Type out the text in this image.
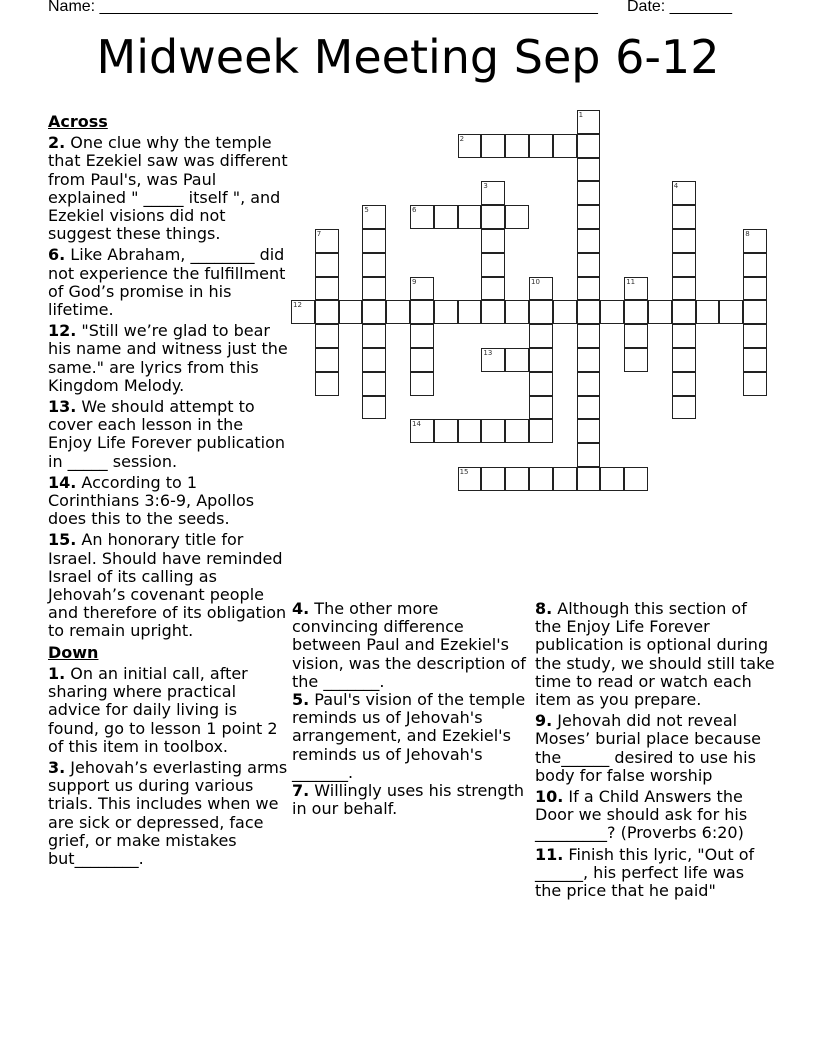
Name: ________________________________________________________ Date: _______
Midweek Meeting Sep 6-12
Across
2. One clue why the temple that Ezekiel saw was different from Paul's, was Paul explained " _____ itself ", and Ezekiel visions did not suggest these things.
6. Like Abraham, ________ did not experience the fulfillment of God’s promise in his lifetime.
12. "Still we’re glad to bear his name and witness just the same." are lyrics from this Kingdom Melody.
13. We should attempt to cover each lesson in the Enjoy Life Forever publication in _____ session.
14. According to 1 Corinthians 3:6-9, Apollos does this to the seeds.
15. An honorary title for Israel. Should have reminded Israel of its calling as Jehovah’s covenant people and therefore of its obligation to remain upright.
Down
1. On an initial call, after sharing where practical advice for daily living is found, go to lesson 1 point 2 of this item in toolbox.
3. Jehovah’s everlasting arms support us during various trials. This includes when we are sick or depressed, face grief, or make mistakes but________.
4. The other more convincing difference between Paul and Ezekiel's vision, was the description of the _______.
5. Paul's vision of the temple reminds us of Jehovah's arrangement, and Ezekiel's reminds us of Jehovah's _______.
7. Willingly uses his strength in our behalf.
8. Although this section of the Enjoy Life Forever publication is optional during the study, we should still take time to read or watch each item as you prepare.
9. Jehovah did not reveal Moses’ burial place because the______ desired to use his body for false worship
10. If a Child Answers the Door we should ask for his _________? (Proverbs 6:20)
11. Finish this lyric, "Out of ______, his perfect life was the price that he paid"
1
2
3	4
5	6
7	8
9	10	11
12
13
14
15
